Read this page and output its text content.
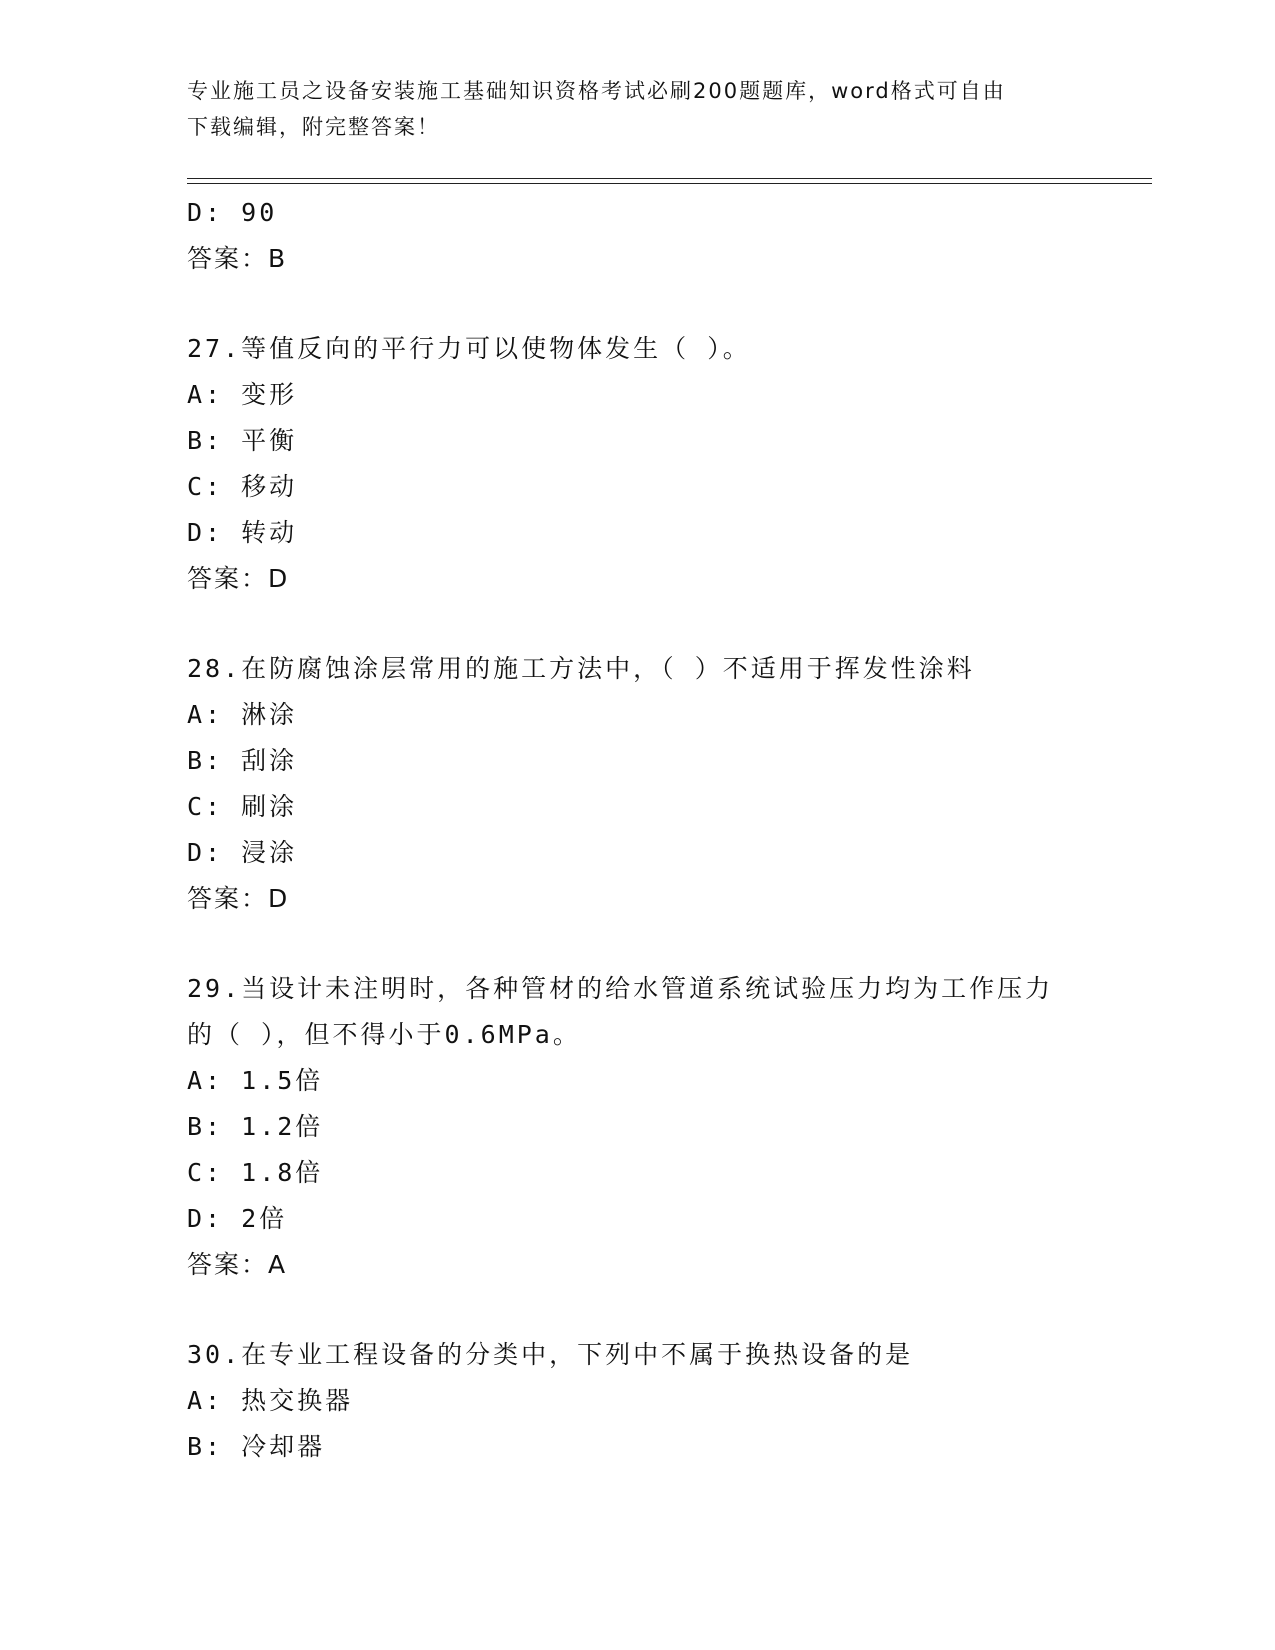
专业施工员之设备安装施工基础知识资格考试必刷200题题库，word格式可自由
下载编辑，附完整答案！
D: 90
答案：B
27.等值反向的平行力可以使物体发生（ ）。
A: 变形
B: 平衡
C: 移动
D: 转动
答案：D
28.在防腐蚀涂层常用的施工方法中，（ ）不适用于挥发性涂料
A: 淋涂
B: 刮涂
C: 刷涂
D: 浸涂
答案：D
29.当设计未注明时，各种管材的给水管道系统试验压力均为工作压力
的（ ），但不得小于0.6MPa。
A: 1.5倍
B: 1.2倍
C: 1.8倍
D: 2倍
答案：A
30.在专业工程设备的分类中，下列中不属于换热设备的是
A: 热交换器
B: 冷却器
